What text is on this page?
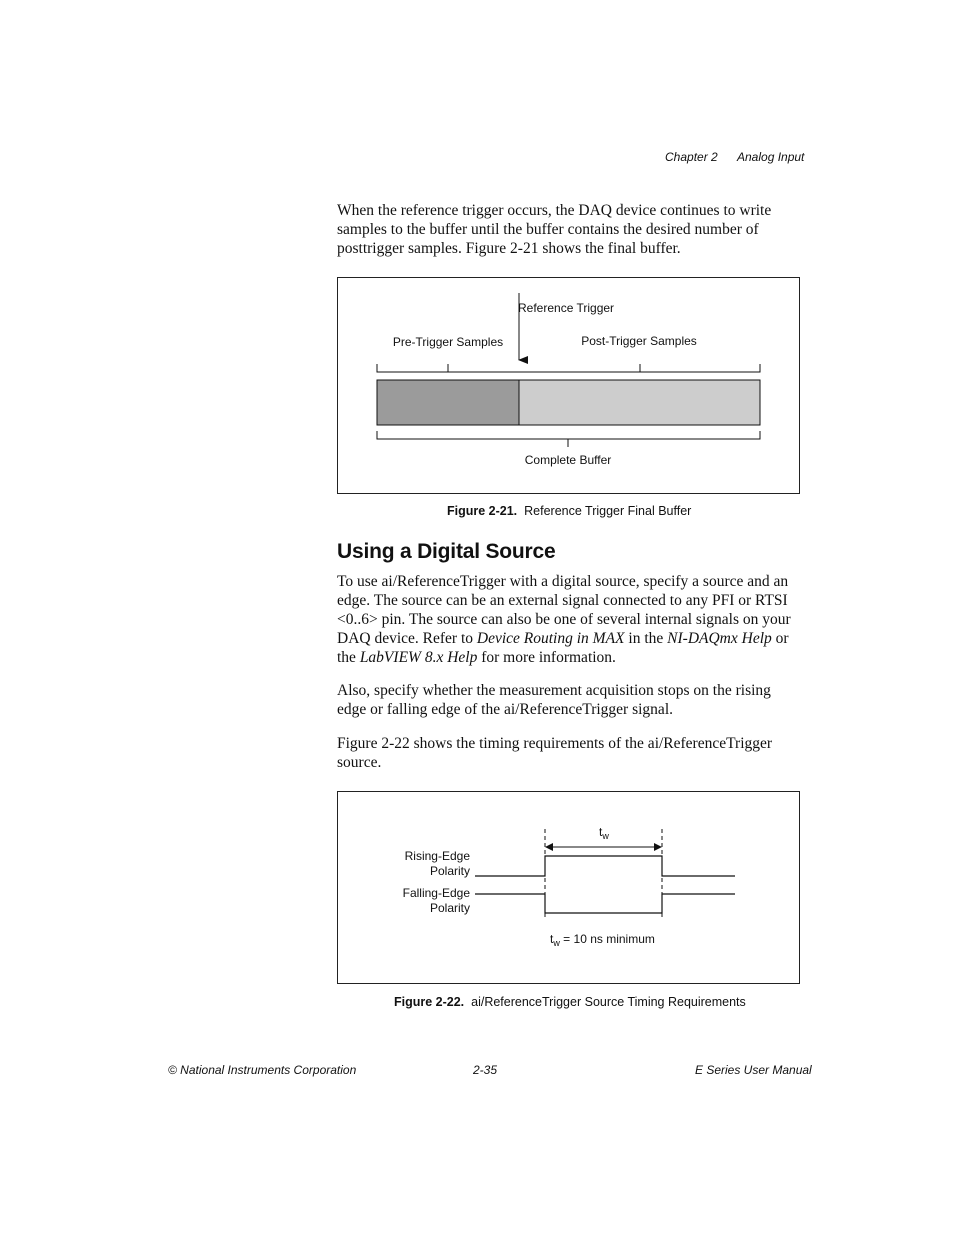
Chapter 2 Analog Input

When the reference trigger occurs, the DAQ device continues to write samples to the buffer until the buffer contains the desired number of posttrigger samples. Figure 2-21 shows the final buffer.

Reference Trigger
Pre-Trigger Samples	Post-Trigger Samples
Complete Buffer
Figure 2-21. Reference Trigger Final Buffer
Using a Digital Source

To use ai/ReferenceTrigger with a digital source, specify a source and an edge. The source can be an external signal connected to any PFI or RTSI <0..6> pin. The source can also be one of several internal signals on your DAQ device. Refer to Device Routing in MAX in the NI-DAQmx Help or the LabVIEW 8.x Help for more information.

Also, specify whether the measurement acquisition stops on the rising edge or falling edge of the ai/ReferenceTrigger signal.

Figure 2-22 shows the timing requirements of the ai/ReferenceTrigger source.

$t_w$
Rising-Edge
Polarity
Falling-Edge
Polarity
$t_w = 10$ ns minimum
Figure 2-22. ai/ReferenceTrigger Source Timing Requirements
© National Instruments Corporation	2-35	E Series User Manual
